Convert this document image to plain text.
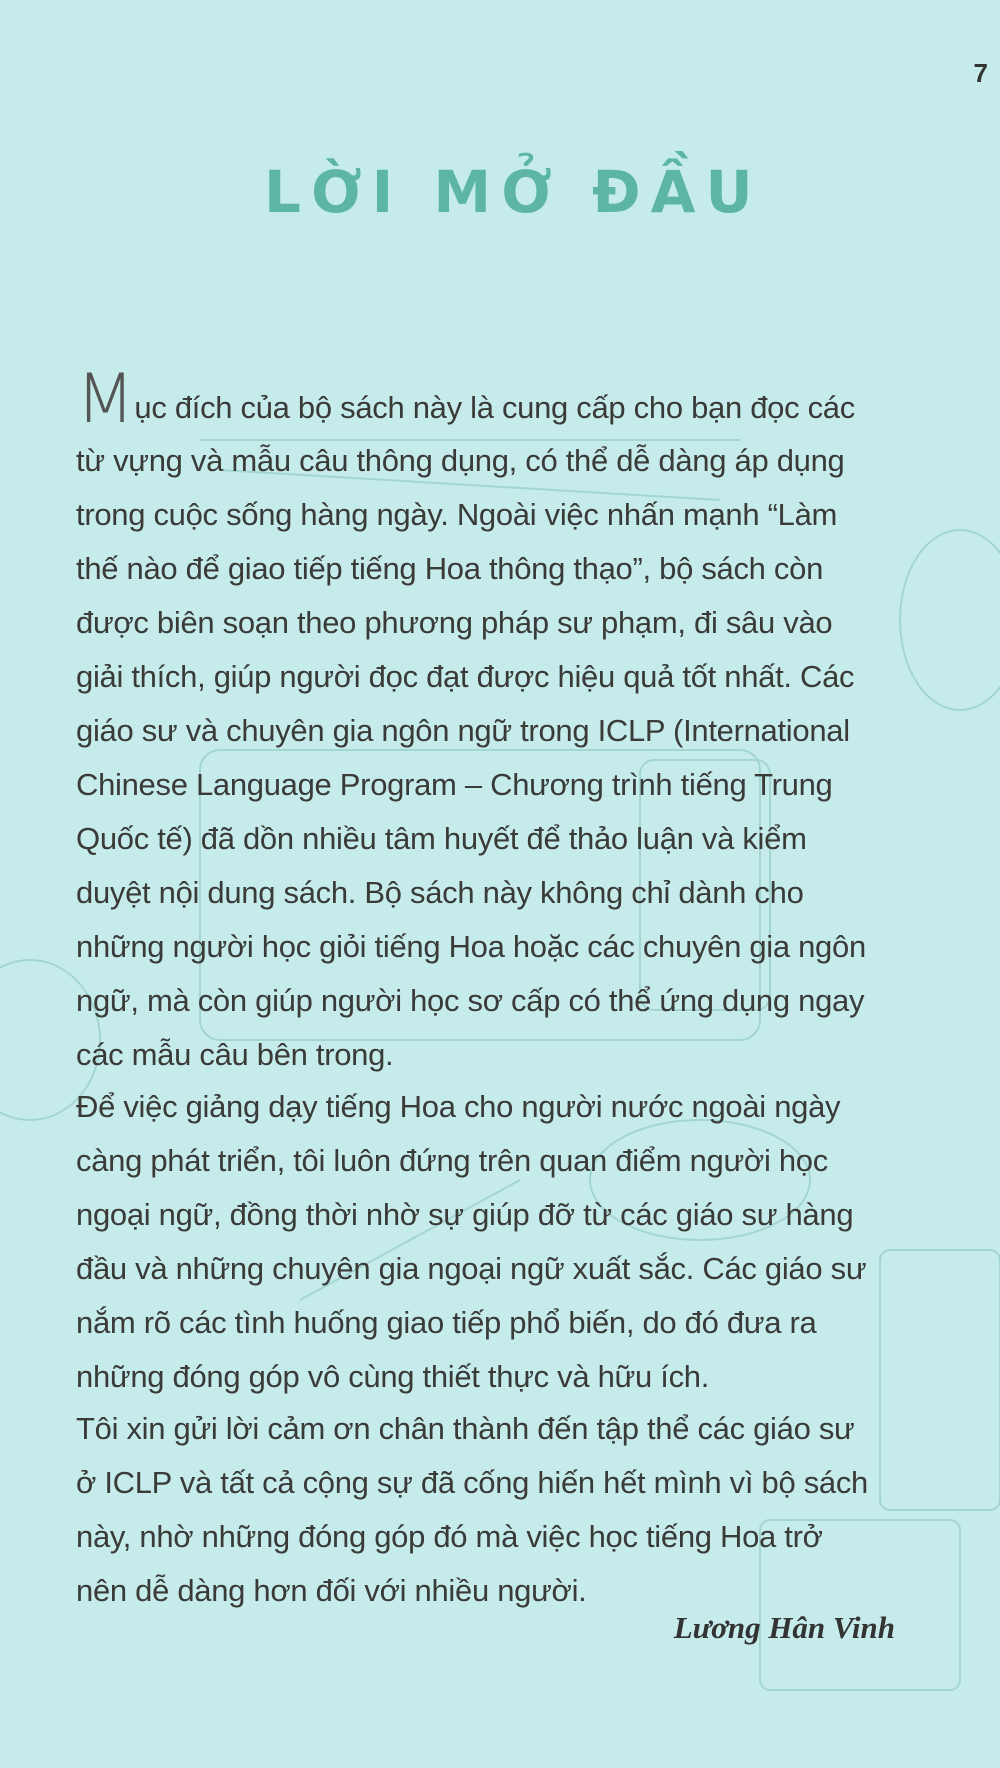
7
LỜI MỞ ĐẦU
Mục đích của bộ sách này là cung cấp cho bạn đọc các
từ vựng và mẫu câu thông dụng, có thể dễ dàng áp dụng
trong cuộc sống hàng ngày. Ngoài việc nhấn mạnh “Làm
thế nào để giao tiếp tiếng Hoa thông thạo”, bộ sách còn
được biên soạn theo phương pháp sư phạm, đi sâu vào
giải thích, giúp người đọc đạt được hiệu quả tốt nhất. Các
giáo sư và chuyên gia ngôn ngữ trong ICLP (International
Chinese Language Program – Chương trình tiếng Trung
Quốc tế) đã dồn nhiều tâm huyết để thảo luận và kiểm
duyệt nội dung sách. Bộ sách này không chỉ dành cho
những người học giỏi tiếng Hoa hoặc các chuyên gia ngôn
ngữ, mà còn giúp người học sơ cấp có thể ứng dụng ngay
các mẫu câu bên trong.
Để việc giảng dạy tiếng Hoa cho người nước ngoài ngày
càng phát triển, tôi luôn đứng trên quan điểm người học
ngoại ngữ, đồng thời nhờ sự giúp đỡ từ các giáo sư hàng
đầu và những chuyên gia ngoại ngữ xuất sắc. Các giáo sư
nắm rõ các tình huống giao tiếp phổ biến, do đó đưa ra
những đóng góp vô cùng thiết thực và hữu ích.
Tôi xin gửi lời cảm ơn chân thành đến tập thể các giáo sư
ở ICLP và tất cả cộng sự đã cống hiến hết mình vì bộ sách
này, nhờ những đóng góp đó mà việc học tiếng Hoa trở
nên dễ dàng hơn đối với nhiều người.
Lương Hân Vinh
